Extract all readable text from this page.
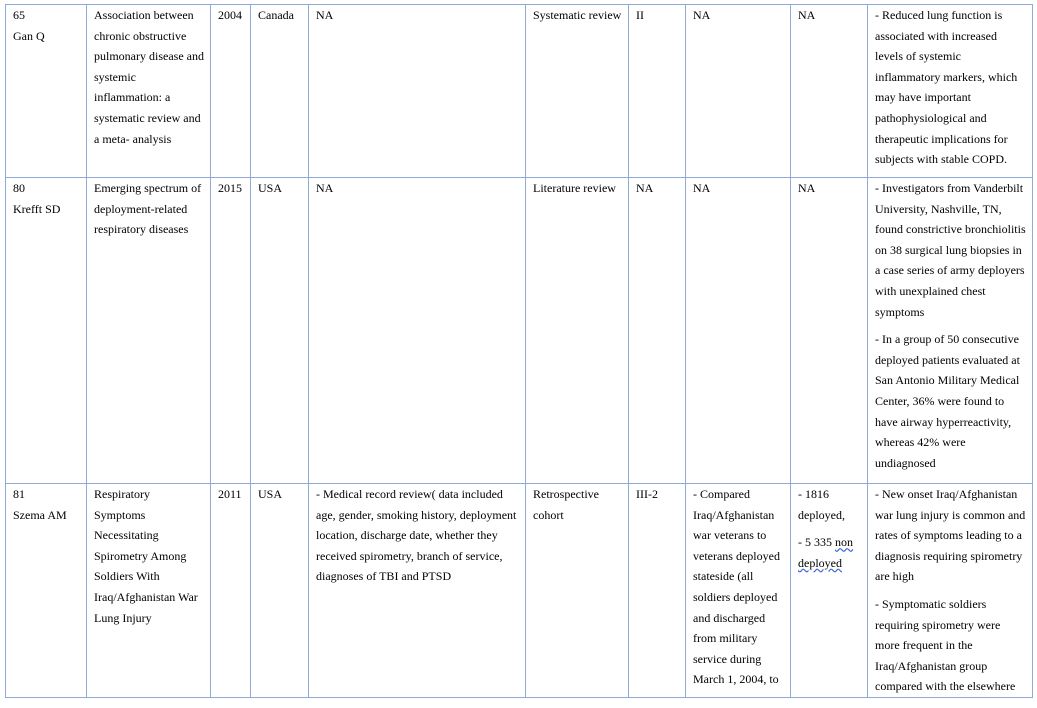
65
Gan Q	Association between chronic obstructive pulmonary disease and systemic inflammation: a systematic review and a meta- analysis	2004	Canada	NA	Systematic review	II	NA	NA	- Reduced lung function is associated with increased levels of systemic inflammatory markers, which may have important pathophysiological and therapeutic implications for subjects with stable COPD.

80
Krefft SD	Emerging spectrum of deployment-related respiratory diseases	2015	USA	NA	Literature review	NA	NA	NA	- Investigators from Vanderbilt University, Nashville, TN, found constrictive bronchiolitis on 38 surgical lung biopsies in a case series of army deployers with unexplained chest symptoms
- In a group of 50 consecutive deployed patients evaluated at San Antonio Military Medical Center, 36% were found to have airway hyperreactivity, whereas 42% were undiagnosed

81
Szema AM	Respiratory Symptoms Necessitating Spirometry Among Soldiers With Iraq/Afghanistan War Lung Injury	2011	USA	- Medical record review( data included age, gender, smoking history, deployment location, discharge date, whether they received spirometry, branch of service, diagnoses of TBI and PTSD	Retrospective cohort	III-2	- Compared Iraq/Afghanistan war veterans to veterans deployed stateside (all soldiers deployed and discharged from military service during March 1, 2004, to	- 1816 deployed,
- 5 335 non deployed	- New onset Iraq/Afghanistan war lung injury is common and rates of symptoms leading to a diagnosis requiring spirometry are high
- Symptomatic soldiers requiring spirometry were more frequent in the Iraq/Afghanistan group compared with the elsewhere
